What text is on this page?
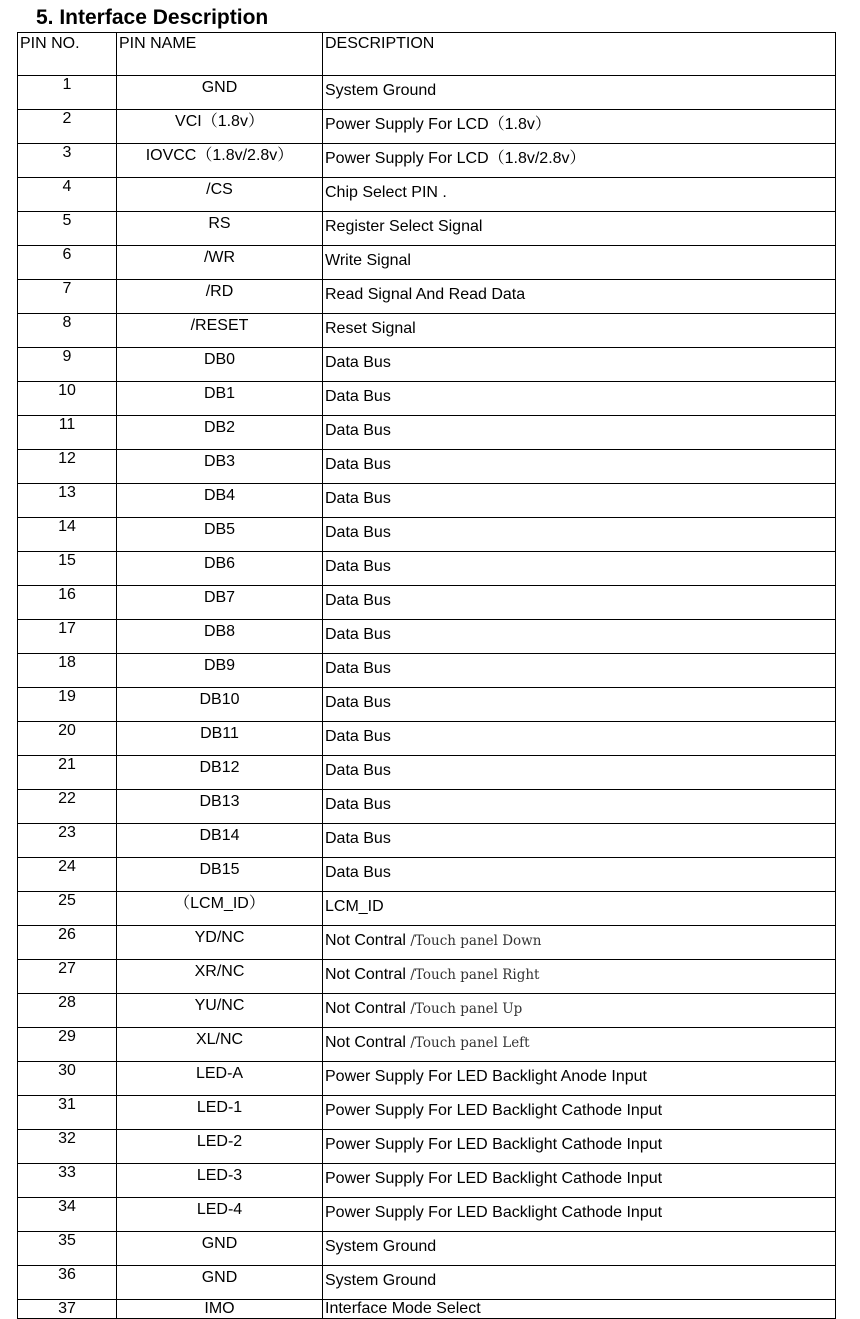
5. Interface Description
PIN NO.	PIN NAME	DESCRIPTION
1	GND	System Ground
2	VCI（1.8v）	Power Supply For LCD（1.8v）
3	IOVCC（1.8v/2.8v）	Power Supply For LCD（1.8v/2.8v）
4	/CS	Chip Select PIN .
5	RS	Register Select Signal
6	/WR	Write Signal
7	/RD	Read Signal And Read Data
8	/RESET	Reset Signal
9	DB0	Data Bus
10	DB1	Data Bus
11	DB2	Data Bus
12	DB3	Data Bus
13	DB4	Data Bus
14	DB5	Data Bus
15	DB6	Data Bus
16	DB7	Data Bus
17	DB8	Data Bus
18	DB9	Data Bus
19	DB10	Data Bus
20	DB11	Data Bus
21	DB12	Data Bus
22	DB13	Data Bus
23	DB14	Data Bus
24	DB15	Data Bus
25	（LCM_ID）	LCM_ID
26	YD/NC	Not Contral /Touch panel Down
27	XR/NC	Not Contral /Touch panel Right
28	YU/NC	Not Contral /Touch panel Up
29	XL/NC	Not Contral /Touch panel Left
30	LED-A	Power Supply For LED Backlight Anode Input
31	LED-1	Power Supply For LED Backlight Cathode Input
32	LED-2	Power Supply For LED Backlight Cathode Input
33	LED-3	Power Supply For LED Backlight Cathode Input
34	LED-4	Power Supply For LED Backlight Cathode Input
35	GND	System Ground
36	GND	System Ground
37	IMO	Interface Mode Select
